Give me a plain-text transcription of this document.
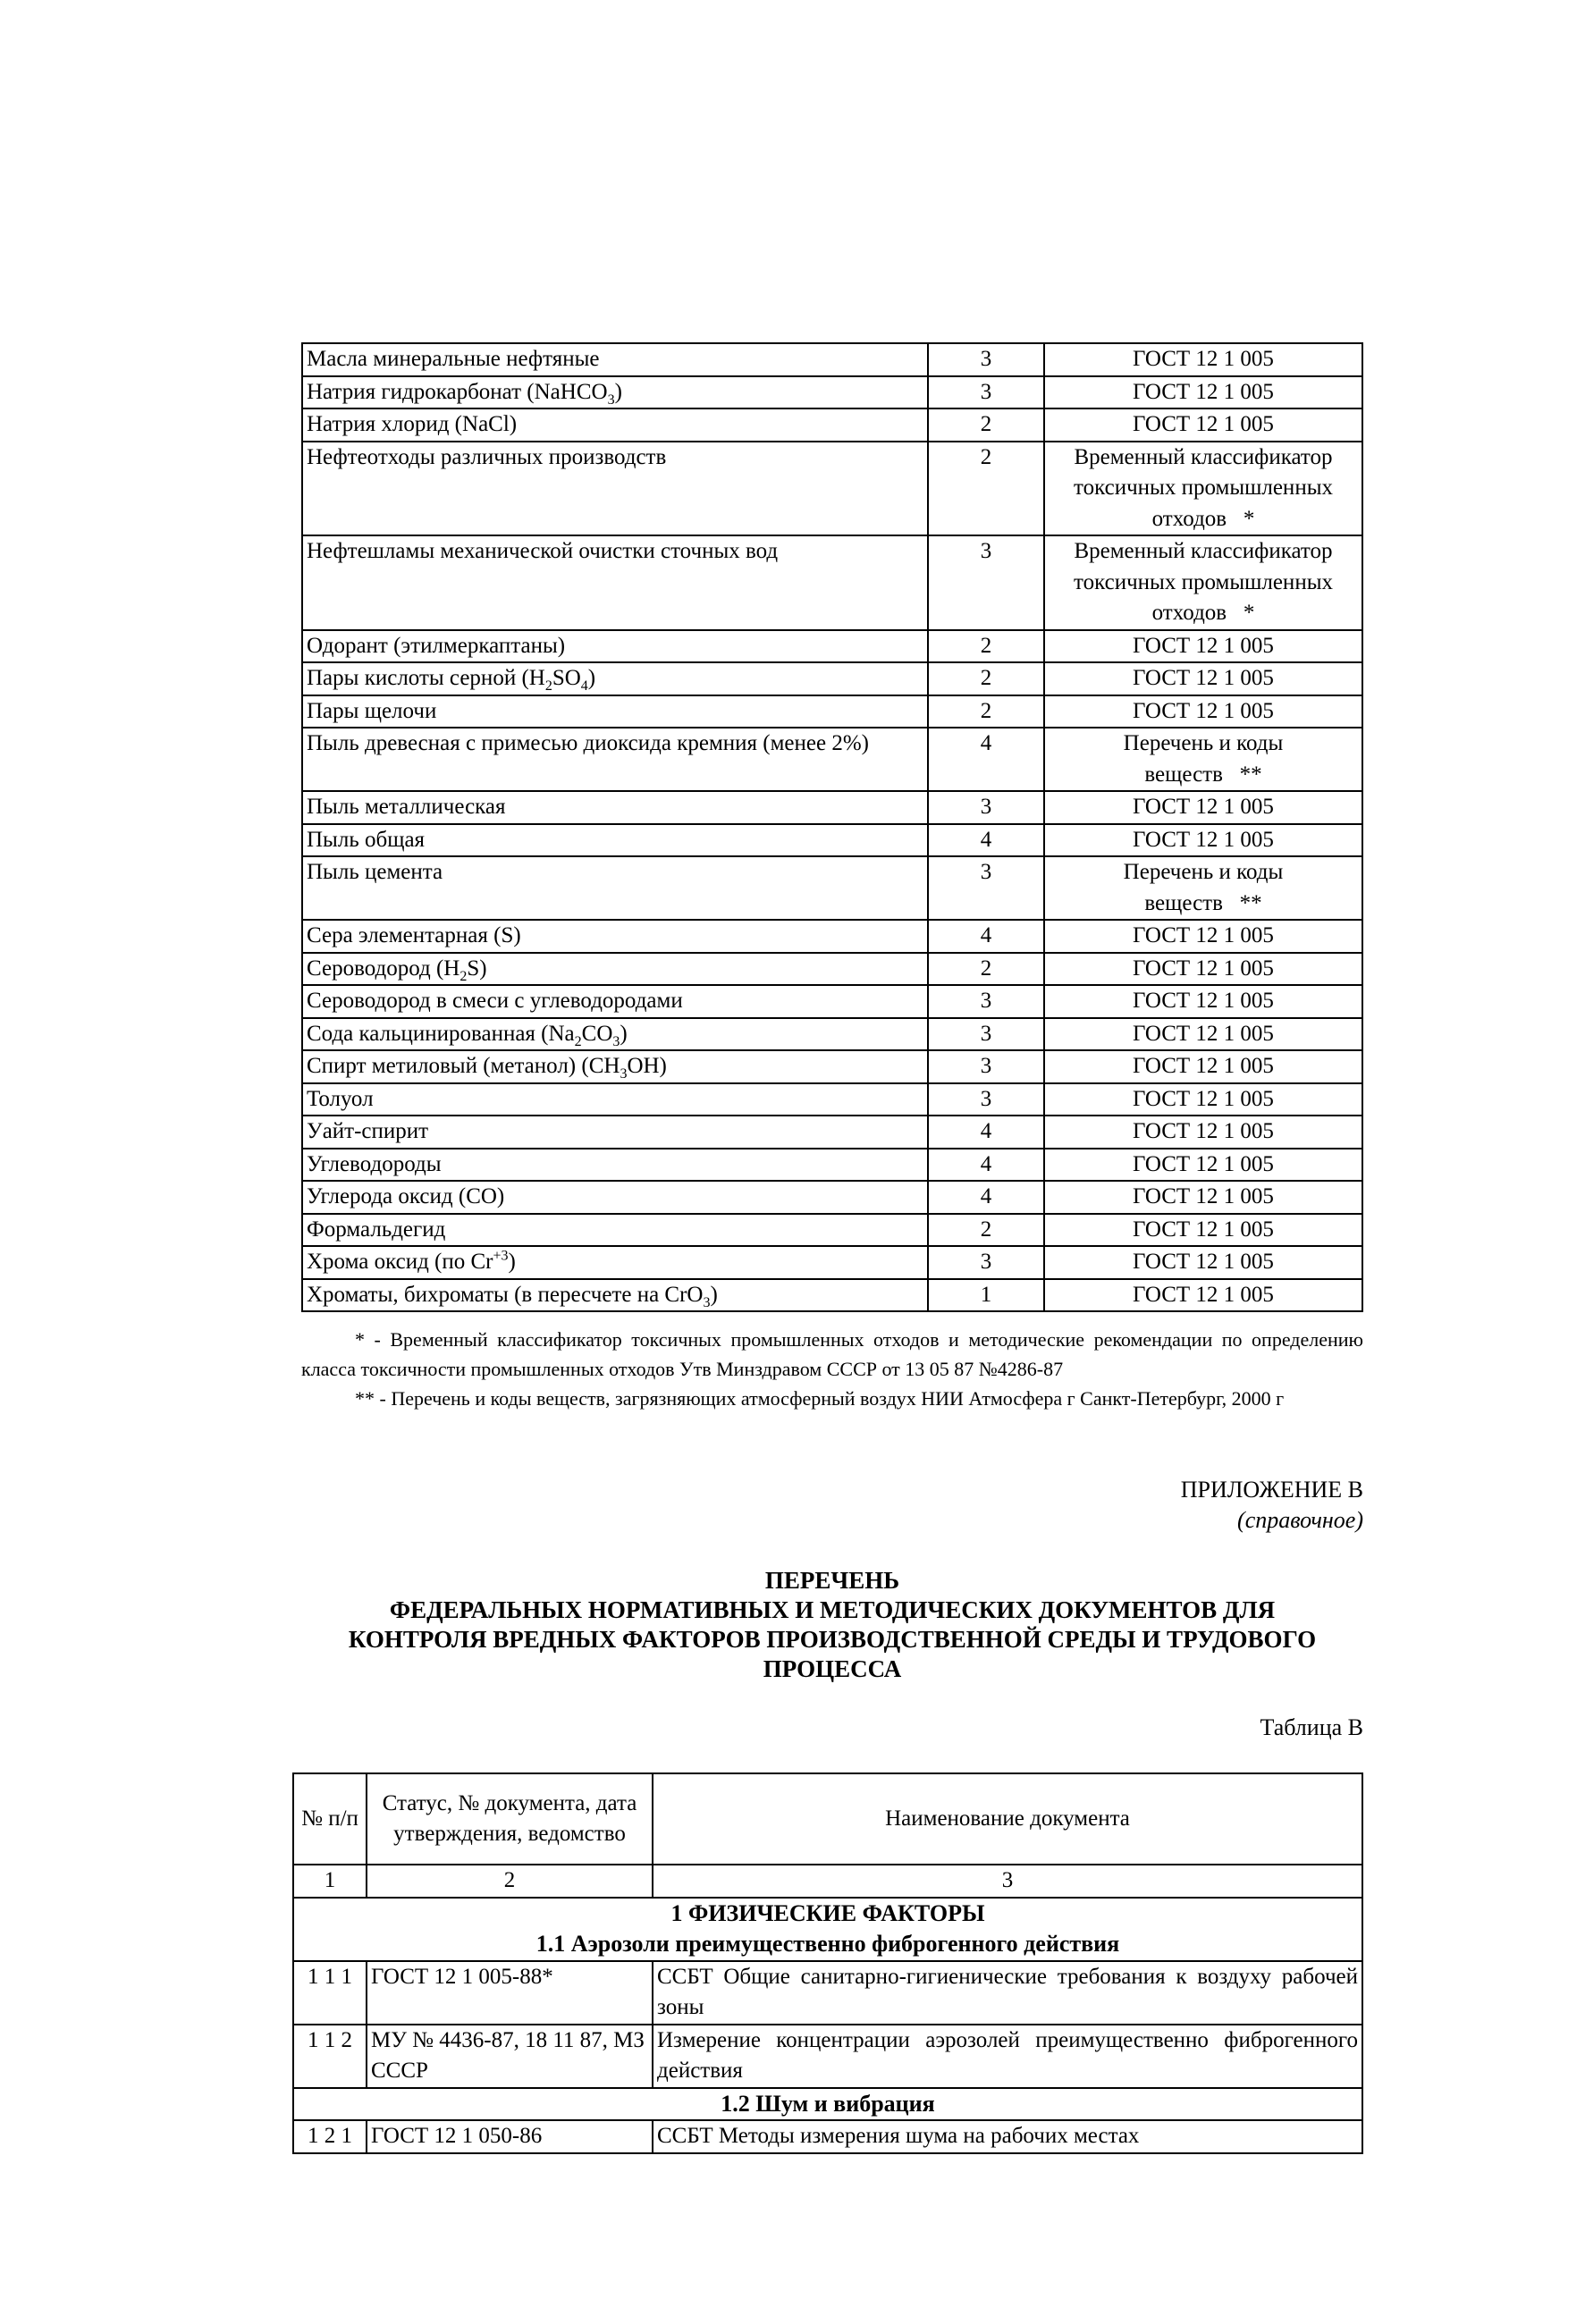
Масла минеральные нефтяные	3	ГОСТ 12 1 005

Натрия гидрокарбонат (NaHCO$_3$)	3	ГОСТ 12 1 005

Натрия хлорид (NaCl)	2	ГОСТ 12 1 005

Нефтеотходы различных производств	2	Временный классификатор
токсичных промышленных
отходов   *

Нефтешламы механической очистки сточных вод	3	Временный классификатор
токсичных промышленных
отходов   *

Одорант (этилмеркаптаны)	2	ГОСТ 12 1 005

Пары кислоты серной $(H_2SO_4)$	2	ГОСТ 12 1 005

Пары щелочи	2	ГОСТ 12 1 005

Пыль древесная с примесью диоксида кремния (менее 2%)	4	Перечень и коды
веществ   **

Пыль металлическая	3	ГОСТ 12 1 005

Пыль общая	4	ГОСТ 12 1 005

Пыль цемента	3	Перечень и коды
веществ   **

Сера элементарная (S)	4	ГОСТ 12 1 005

Сероводород $(H_2S)$	2	ГОСТ 12 1 005

Сероводород в смеси с углеводородами	3	ГОСТ 12 1 005

Сода кальцинированная $(Na_2CO_3)$	3	ГОСТ 12 1 005

Спирт метиловый (метанол) $(CH_3OH)$	3	ГОСТ 12 1 005

Толуол	3	ГОСТ 12 1 005

Уайт-спирит	4	ГОСТ 12 1 005

Углеводороды	4	ГОСТ 12 1 005

Углерода оксид (CO)	4	ГОСТ 12 1 005

Формальдегид	2	ГОСТ 12 1 005

Хрома оксид (по $Cr^{+3}$)	3	ГОСТ 12 1 005

Хроматы, бихроматы (в пересчете на CrO$_3$)	1	ГОСТ 12 1 005

* - Временный классификатор токсичных промышленных отходов и методические рекомендации по определению класса токсичности промышленных отходов Утв Минздравом СССР от 13 05 87 №4286-87

** - Перечень и коды веществ, загрязняющих атмосферный воздух НИИ Атмосфера г Санкт-Петербург, 2000 г

ПРИЛОЖЕНИЕ В
(справочное)
ПЕРЕЧЕНЬ
ФЕДЕРАЛЬНЫХ НОРМАТИВНЫХ И МЕТОДИЧЕСКИХ ДОКУМЕНТОВ ДЛЯ
КОНТРОЛЯ ВРЕДНЫХ ФАКТОРОВ ПРОИЗВОДСТВЕННОЙ СРЕДЫ И ТРУДОВОГО
ПРОЦЕССА
Таблица В
№ п/п	Статус, № документа, дата утверждения, ведомство	Наименование документа
1	2	3

1 ФИЗИЧЕСКИЕ ФАКТОРЫ
1.1 Аэрозоли преимущественно фиброгенного действия		

1 1 1	ГОСТ 12 1 005-88*	ССБТ Общие санитарно-гигиенические требования к воздуху рабочей зоны
1 1 2	МУ № 4436-87, 18 11 87, МЗ СССР	Измерение концентрации аэрозолей преимущественно фиброгенного действия
1.2 Шум и вибрация		
1 2 1	ГОСТ 12 1 050-86	ССБТ Методы измерения шума на рабочих местах
